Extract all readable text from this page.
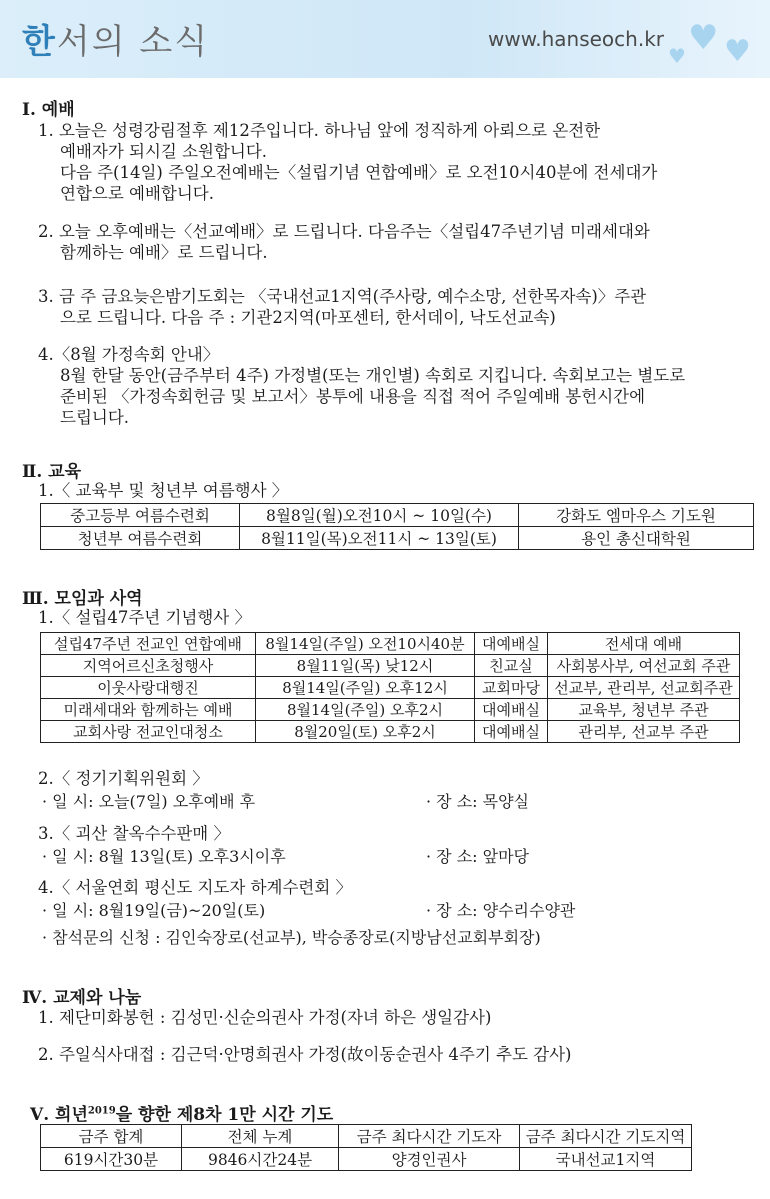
한서의 소식	www.hanseoch.kr ♥ ♥
♥
Ⅰ. 예배
1. 오늘은 성령강림절후 제12주입니다. 하나님 앞에 정직하게 아뢰으로 온전한
예배자가 되시길 소원합니다.
다음 주(14일) 주일오전예배는〈설립기념 연합예배〉로 오전10시40분에 전세대가
연합으로 예배합니다.
2. 오늘 오후예배는〈선교예배〉로 드립니다. 다음주는〈설립47주년기념 미래세대와
함께하는 예배〉로 드립니다.
3. 금 주 금요늦은밤기도회는 〈국내선교1지역(주사랑, 예수소망, 선한목자속)〉주관
으로 드립니다. 다음 주 : 기관2지역(마포센터, 한서데이, 낙도선교속)
4.〈8월 가정속회 안내〉
8월 한달 동안(금주부터 4주) 가정별(또는 개인별) 속회로 지킵니다. 속회보고는 별도로
준비된 〈가정속회헌금 및 보고서〉봉투에 내용을 직접 적어 주일예배 봉헌시간에
드립니다.
Ⅱ. 교육
1.〈 교육부 및 청년부 여름행사 〉
중고등부 여름수련회	8월8일(월)오전10시 ~ 10일(수)	강화도 엠마우스 기도원
청년부 여름수련회	8월11일(목)오전11시 ~ 13일(토)	용인 총신대학원
Ⅲ. 모임과 사역
1.〈 설립47주년 기념행사 〉
설립47주년 전교인 연합예배	8월14일(주일) 오전10시40분	대예배실	전세대 예배
지역어르신초청행사	8월11일(목) 낮12시	친교실	사회봉사부, 여선교회 주관
이웃사랑대행진	8월14일(주일) 오후12시	교회마당	선교부, 관리부, 선교회주관
미래세대와 함께하는 예배	8월14일(주일) 오후2시	대예배실	교육부, 청년부 주관
교회사랑 전교인대청소	8월20일(토) 오후2시	대예배실	관리부, 선교부 주관
2.〈 정기기획위원회 〉
· 일 시: 오늘(7일) 오후예배 후	· 장 소: 목양실
3.〈 괴산 찰옥수수판매 〉
· 일 시: 8월 13일(토) 오후3시이후	· 장 소: 앞마당
4.〈 서울연회 평신도 지도자 하계수련회 〉
· 일 시: 8월19일(금)~20일(토)	· 장 소: 양수리수양관
· 참석문의 신청 : 김인숙장로(선교부), 박승종장로(지방남선교회부회장)
Ⅳ. 교제와 나눔
1. 제단미화봉헌 : 김성민·신순의권사 가정(자녀 하은 생일감사)
2. 주일식사대접 : 김근덕·안명희권사 가정(故이동순권사 4주기 추도 감사)
Ⅴ. 희년$^{2019}$을 향한 제8차 1만 시간 기도
금주 합계	전체 누계	금주 최다시간 기도자	금주 최다시간 기도지역
619시간30분	9846시간24분	양경인권사	국내선교1지역
